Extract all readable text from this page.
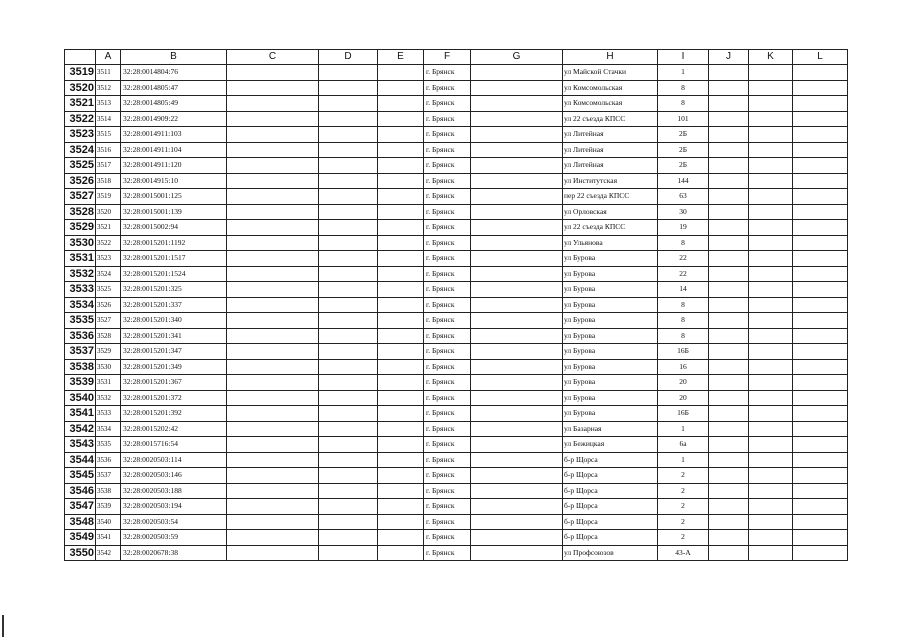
	A	B	C	D	E	F	G	H	I	J	K	L
3519	3511	32:28:0014804:76				г. Брянск		ул Майской Стачки	1			
3520	3512	32:28:0014805:47				г. Брянск		ул Комсомольская	8			
3521	3513	32:28:0014805:49				г. Брянск		ул Комсомольская	8			
3522	3514	32:28:0014909:22				г. Брянск		ул 22 съезда КПСС	101			
3523	3515	32:28:0014911:103				г. Брянск		ул Литейная	2Б			
3524	3516	32:28:0014911:104				г. Брянск		ул Литейная	2Б			
3525	3517	32:28:0014911:120				г. Брянск		ул Литейная	2Б			
3526	3518	32:28:0014915:10				г. Брянск		ул Институтская	144			
3527	3519	32:28:0015001:125				г. Брянск		пер 22 съезда КПСС	63			
3528	3520	32:28:0015001:139				г. Брянск		ул Орловская	30			
3529	3521	32:28:0015002:94				г. Брянск		ул 22 съезда КПСС	19			
3530	3522	32:28:0015201:1192				г. Брянск		ул Ульянова	8			
3531	3523	32:28:0015201:1517				г. Брянск		ул Бурова	22			
3532	3524	32:28:0015201:1524				г. Брянск		ул Бурова	22			
3533	3525	32:28:0015201:325				г. Брянск		ул Бурова	14			
3534	3526	32:28:0015201:337				г. Брянск		ул Бурова	8			
3535	3527	32:28:0015201:340				г. Брянск		ул Бурова	8			
3536	3528	32:28:0015201:341				г. Брянск		ул Бурова	8			
3537	3529	32:28:0015201:347				г. Брянск		ул Бурова	16Б			
3538	3530	32:28:0015201:349				г. Брянск		ул Бурова	16			
3539	3531	32:28:0015201:367				г. Брянск		ул Бурова	20			
3540	3532	32:28:0015201:372				г. Брянск		ул Бурова	20			
3541	3533	32:28:0015201:392				г. Брянск		ул Бурова	16Б			
3542	3534	32:28:0015202:42				г. Брянск		ул Базарная	1			
3543	3535	32:28:0015716:54				г. Брянск		ул Бежицкая	6а			
3544	3536	32:28:0020503:114				г. Брянск		б-р Щорса	1			
3545	3537	32:28:0020503:146				г. Брянск		б-р Щорса	2			
3546	3538	32:28:0020503:188				г. Брянск		б-р Щорса	2			
3547	3539	32:28:0020503:194				г. Брянск		б-р Щорса	2			
3548	3540	32:28:0020503:54				г. Брянск		б-р Щорса	2			
3549	3541	32:28:0020503:59				г. Брянск		б-р Щорса	2			
3550	3542	32:28:0020678:38				г. Брянск		ул Профсоюзов	43-А			
